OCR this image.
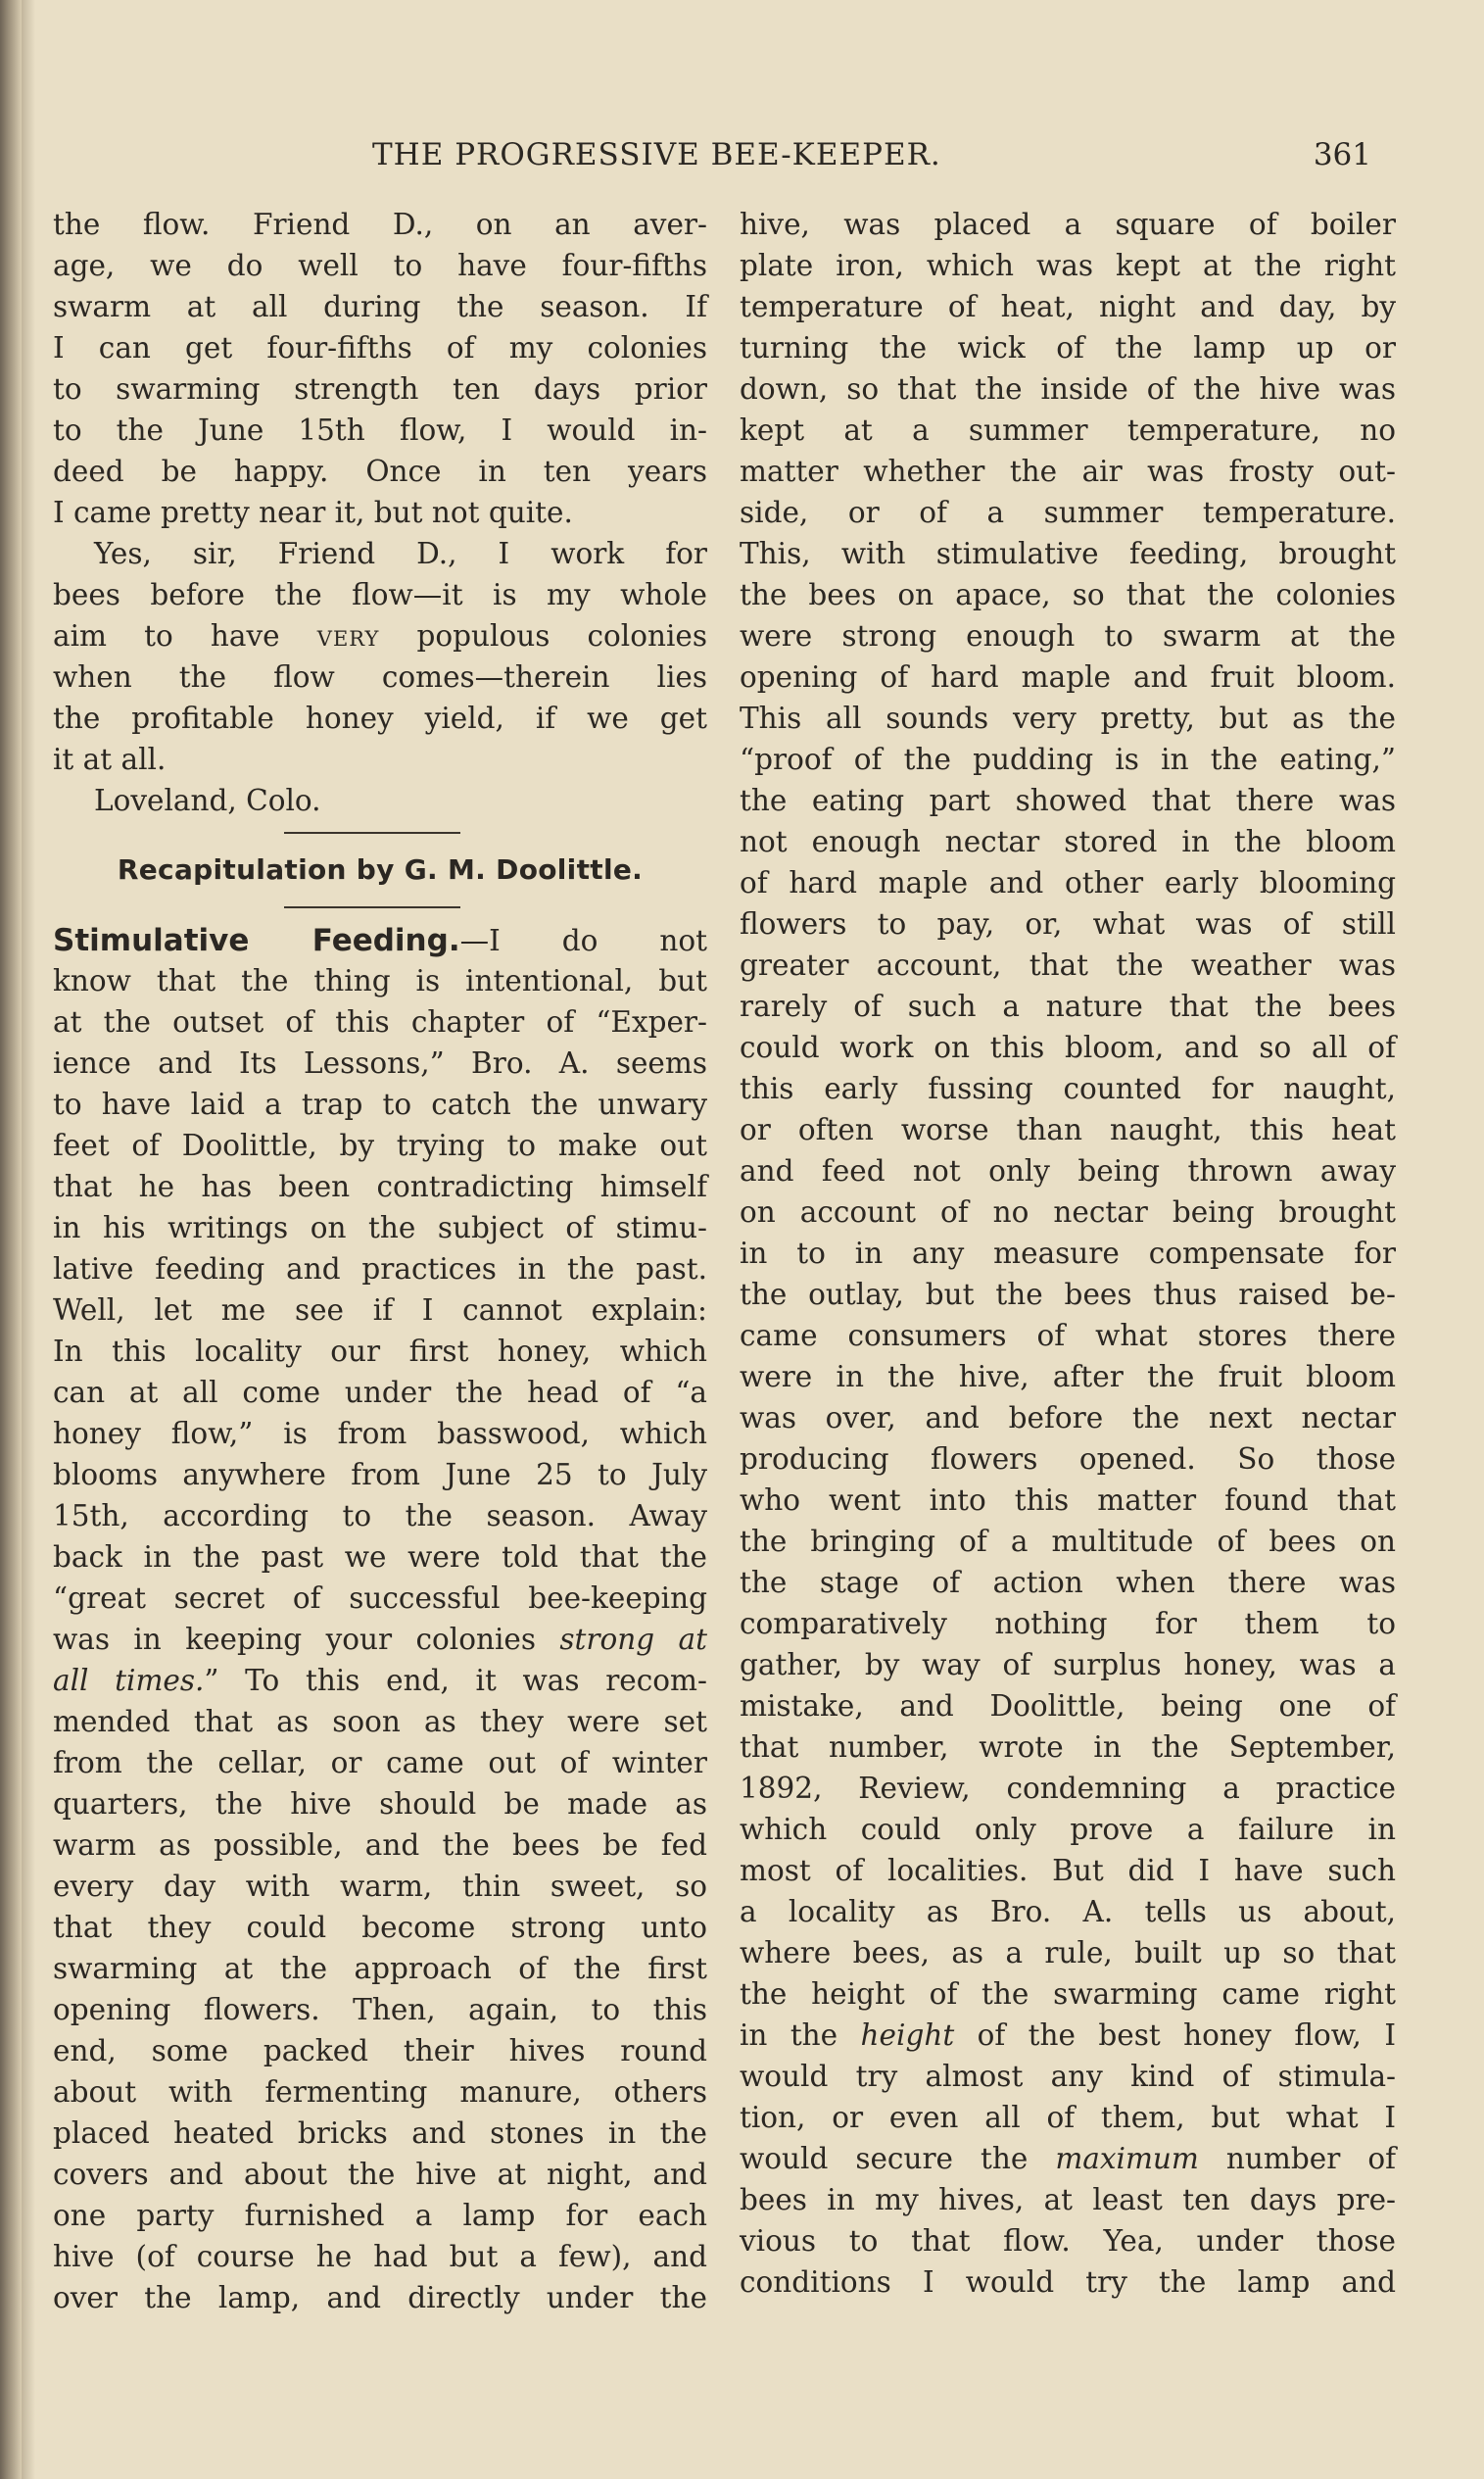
THE PROGRESSIVE BEE-KEEPER.	361
the flow. Friend D., on an aver-
age, we do well to have four-fifths
swarm at all during the season. If
I can get four-fifths of my colonies
to swarming strength ten days prior
to the June 15th flow, I would in-
deed be happy. Once in ten years
I came pretty near it, but not quite.
Yes, sir, Friend D., I work for
bees before the flow—it is my whole
aim to have very populous colonies
when the flow comes—therein lies
the profitable honey yield, if we get
it at all.
Loveland, Colo.
Recapitulation by G. M. Doolittle.
Stimulative Feeding.—I do not
know that the thing is intentional, but
at the outset of this chapter of “Exper-
ience and Its Lessons,” Bro. A. seems
to have laid a trap to catch the unwary
feet of Doolittle, by trying to make out
that he has been contradicting himself
in his writings on the subject of stimu-
lative feeding and practices in the past.
Well, let me see if I cannot explain:
In this locality our first honey, which
can at all come under the head of “a
honey flow,” is from basswood, which
blooms anywhere from June 25 to July
15th, according to the season. Away
back in the past we were told that the
“great secret of successful bee-keeping
was in keeping your colonies strong at
all times.” To this end, it was recom-
mended that as soon as they were set
from the cellar, or came out of winter
quarters, the hive should be made as
warm as possible, and the bees be fed
every day with warm, thin sweet, so
that they could become strong unto
swarming at the approach of the first
opening flowers. Then, again, to this
end, some packed their hives round
about with fermenting manure, others
placed heated bricks and stones in the
covers and about the hive at night, and
one party furnished a lamp for each
hive (of course he had but a few), and
over the lamp, and directly under the
hive, was placed a square of boiler
plate iron, which was kept at the right
temperature of heat, night and day, by
turning the wick of the lamp up or
down, so that the inside of the hive was
kept at a summer temperature, no
matter whether the air was frosty out-
side, or of a summer temperature.
This, with stimulative feeding, brought
the bees on apace, so that the colonies
were strong enough to swarm at the
opening of hard maple and fruit bloom.
This all sounds very pretty, but as the
“proof of the pudding is in the eating,”
the eating part showed that there was
not enough nectar stored in the bloom
of hard maple and other early blooming
flowers to pay, or, what was of still
greater account, that the weather was
rarely of such a nature that the bees
could work on this bloom, and so all of
this early fussing counted for naught,
or often worse than naught, this heat
and feed not only being thrown away
on account of no nectar being brought
in to in any measure compensate for
the outlay, but the bees thus raised be-
came consumers of what stores there
were in the hive, after the fruit bloom
was over, and before the next nectar
producing flowers opened. So those
who went into this matter found that
the bringing of a multitude of bees on
the stage of action when there was
comparatively nothing for them to
gather, by way of surplus honey, was a
mistake, and Doolittle, being one of
that number, wrote in the September,
1892, Review, condemning a practice
which could only prove a failure in
most of localities. But did I have such
a locality as Bro. A. tells us about,
where bees, as a rule, built up so that
the height of the swarming came right
in the height of the best honey flow, I
would try almost any kind of stimula-
tion, or even all of them, but what I
would secure the maximum number of
bees in my hives, at least ten days pre-
vious to that flow. Yea, under those
conditions I would try the lamp and
